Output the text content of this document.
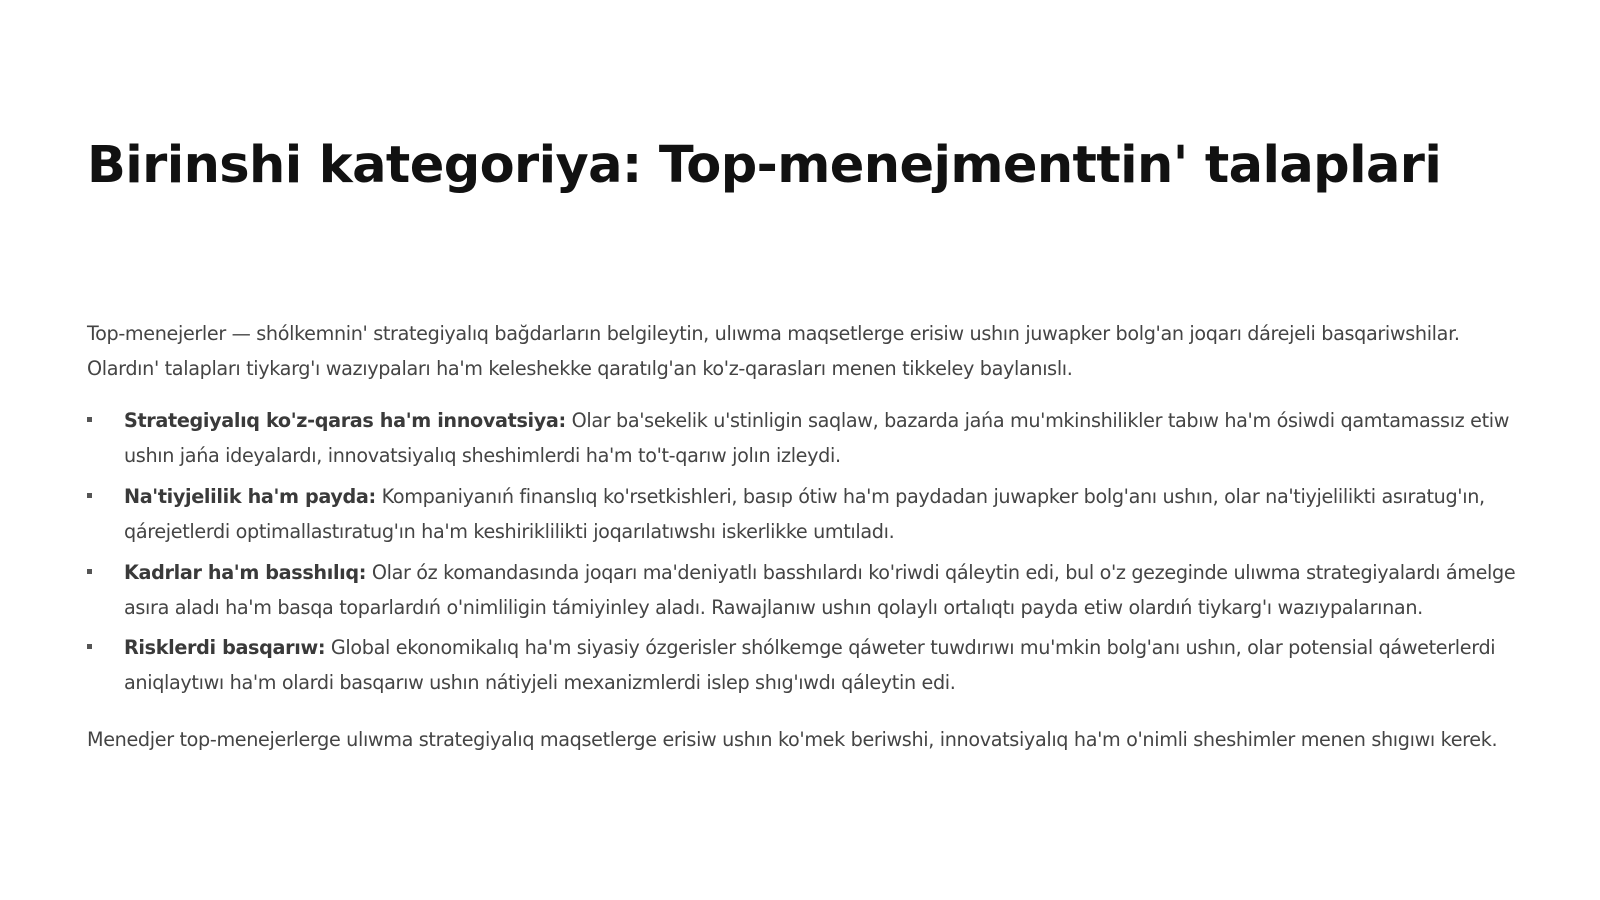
Birinshi kategoriya: Top-menejmenttin' talaplari

Top-menejerler — shólkemnin' strategiyalıq bağdarların belgileytin, ulıwma maqsetlerge erisiw ushın juwapker bolg'an joqarı dárejeli basqariwshilar. Olardın' talapları tiykarg'ı wazıypaları ha'm keleshekke qaratılg'an ko'z-qarasları menen tikkeley baylanıslı.

Strategiyalıq ko'z-qaras ha'm innovatsiya: Olar ba'sekelik u'stinligin saqlaw, bazarda jańa mu'mkinshilikler tabıw ha'm ósiwdi qamtamassız etiw ushın jańa ideyalardı, innovatsiyalıq sheshimlerdi ha'm to't-qarıw jolın izleydi.
Na'tiyjelilik ha'm payda: Kompaniyanıń finanslıq ko'rsetkishleri, basıp ótiw ha'm paydadan juwapker bolg'anı ushın, olar na'tiyjelilikti asıratug'ın, qárejetlerdi optimallastıratug'ın ha'm keshiriklilikti joqarılatıwshı iskerlikke umtıladı.
Kadrlar ha'm basshılıq: Olar óz komandasında joqarı ma'deniyatlı basshılardı ko'riwdi qáleytin edi, bul o'z gezeginde ulıwma strategiyalardı ámelge asıra aladı ha'm basqa toparlardıń o'nimliligin támiyinley aladı. Rawajlanıw ushın qolaylı ortalıqtı payda etiw olardıń tiykarg'ı wazıypalarınan.
Risklerdi basqarıw: Global ekonomikalıq ha'm siyasiy ózgerisler shólkemge qáweter tuwdırıwı mu'mkin bolg'anı ushın, olar potensial qáweterlerdi aniqlaytıwı ha'm olardi basqarıw ushın nátiyjeli mexanizmlerdi islep shıg'ıwdı qáleytin edi.

Menedjer top-menejerlerge ulıwma strategiyalıq maqsetlerge erisiw ushın ko'mek beriwshi, innovatsiyalıq ha'm o'nimli sheshimler menen shıgıwı kerek.
